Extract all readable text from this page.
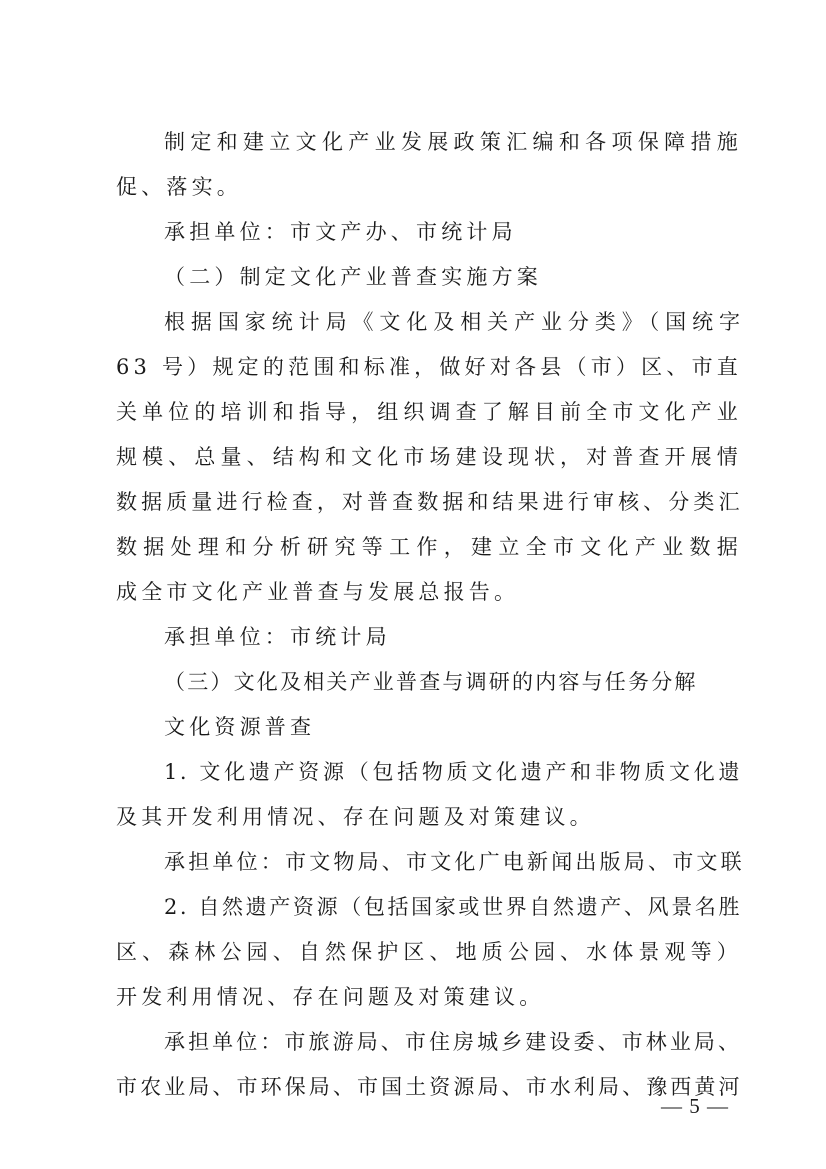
制定和建立文化产业发展政策汇编和各项保障措施
促、落实。
承担单位：市文产办、市统计局
（二）制定文化产业普查实施方案
根据国家统计局《文化及相关产业分类》（国统字
63 号）规定的范围和标准，做好对各县（市）区、市直
关单位的培训和指导，组织调查了解目前全市文化产业
规模、总量、结构和文化市场建设现状，对普查开展情
数据质量进行检查，对普查数据和结果进行审核、分类汇
数据处理和分析研究等工作，建立全市文化产业数据
成全市文化产业普查与发展总报告。
承担单位：市统计局
（三）文化及相关产业普查与调研的内容与任务分解
文化资源普查
1. 文化遗产资源（包括物质文化遗产和非物质文化遗
及其开发利用情况、存在问题及对策建议。
承担单位：市文物局、市文化广电新闻出版局、市文联
2. 自然遗产资源（包括国家或世界自然遗产、风景名胜
区、森林公园、自然保护区、地质公园、水体景观等）
开发利用情况、存在问题及对策建议。
承担单位：市旅游局、市住房城乡建设委、市林业局、
市农业局、市环保局、市国土资源局、市水利局、豫西黄河
— 5 —
